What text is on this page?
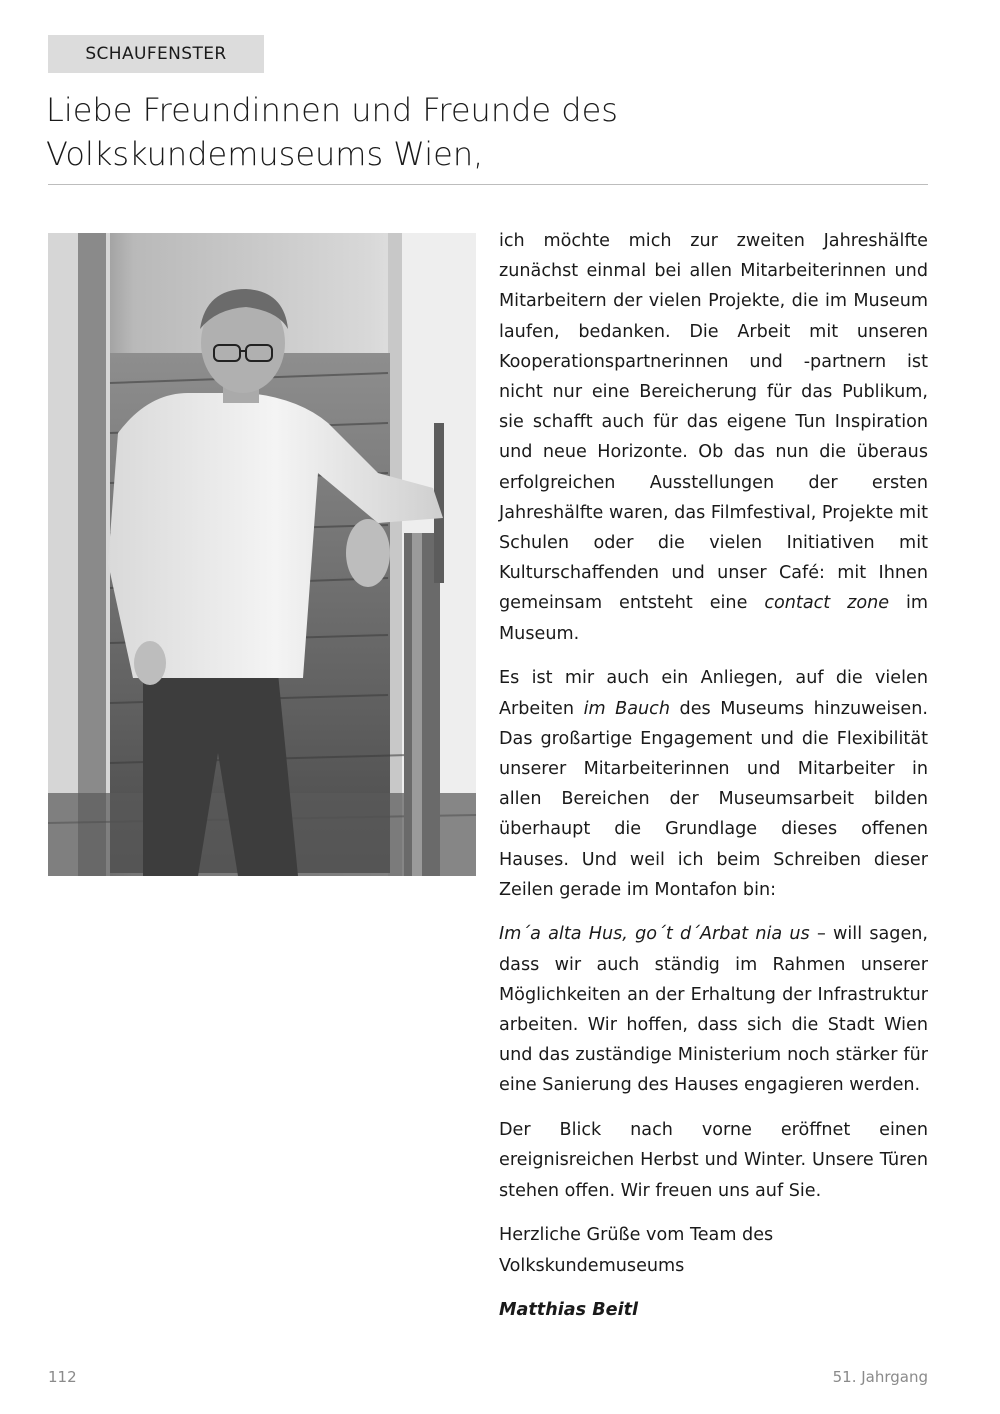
SCHAUFENSTER
Liebe Freundinnen und Freunde des Volkskundemuseums Wien,

ich möchte mich zur zweiten Jahreshälfte zunächst einmal bei allen Mitarbeiterinnen und Mitarbeitern der vielen Projekte, die im Museum laufen, bedanken. Die Arbeit mit unseren Kooperationspartnerinnen und -partnern ist nicht nur eine Bereicherung für das Publikum, sie schafft auch für das eigene Tun Inspiration und neue Horizonte. Ob das nun die überaus erfolgreichen Ausstellungen der ersten Jahreshälfte waren, das Filmfestival, Projekte mit Schulen oder die vielen Initiativen mit Kulturschaffenden und unser Café: mit Ihnen gemeinsam entsteht eine contact zone im Museum.

Es ist mir auch ein Anliegen, auf die vielen Arbeiten im Bauch des Museums hinzuweisen. Das großartige Engagement und die Flexibilität unserer Mitarbeiterinnen und Mitarbeiter in allen Bereichen der Museumsarbeit bilden überhaupt die Grundlage dieses offenen Hauses. Und weil ich beim Schreiben dieser Zeilen gerade im Montafon bin:

Im´a alta Hus, go´t d´Arbat nia us – will sagen, dass wir auch ständig im Rahmen unserer Möglichkeiten an der Erhaltung der Infrastruktur arbeiten. Wir hoffen, dass sich die Stadt Wien und das zuständige Ministerium noch stärker für eine Sanierung des Hauses engagieren werden.

Der Blick nach vorne eröffnet einen ereignisreichen Herbst und Winter. Unsere Türen stehen offen. Wir freuen uns auf Sie.

Herzliche Grüße vom Team des
Volkskundemuseums

Matthias Beitl

112	51. Jahrgang
